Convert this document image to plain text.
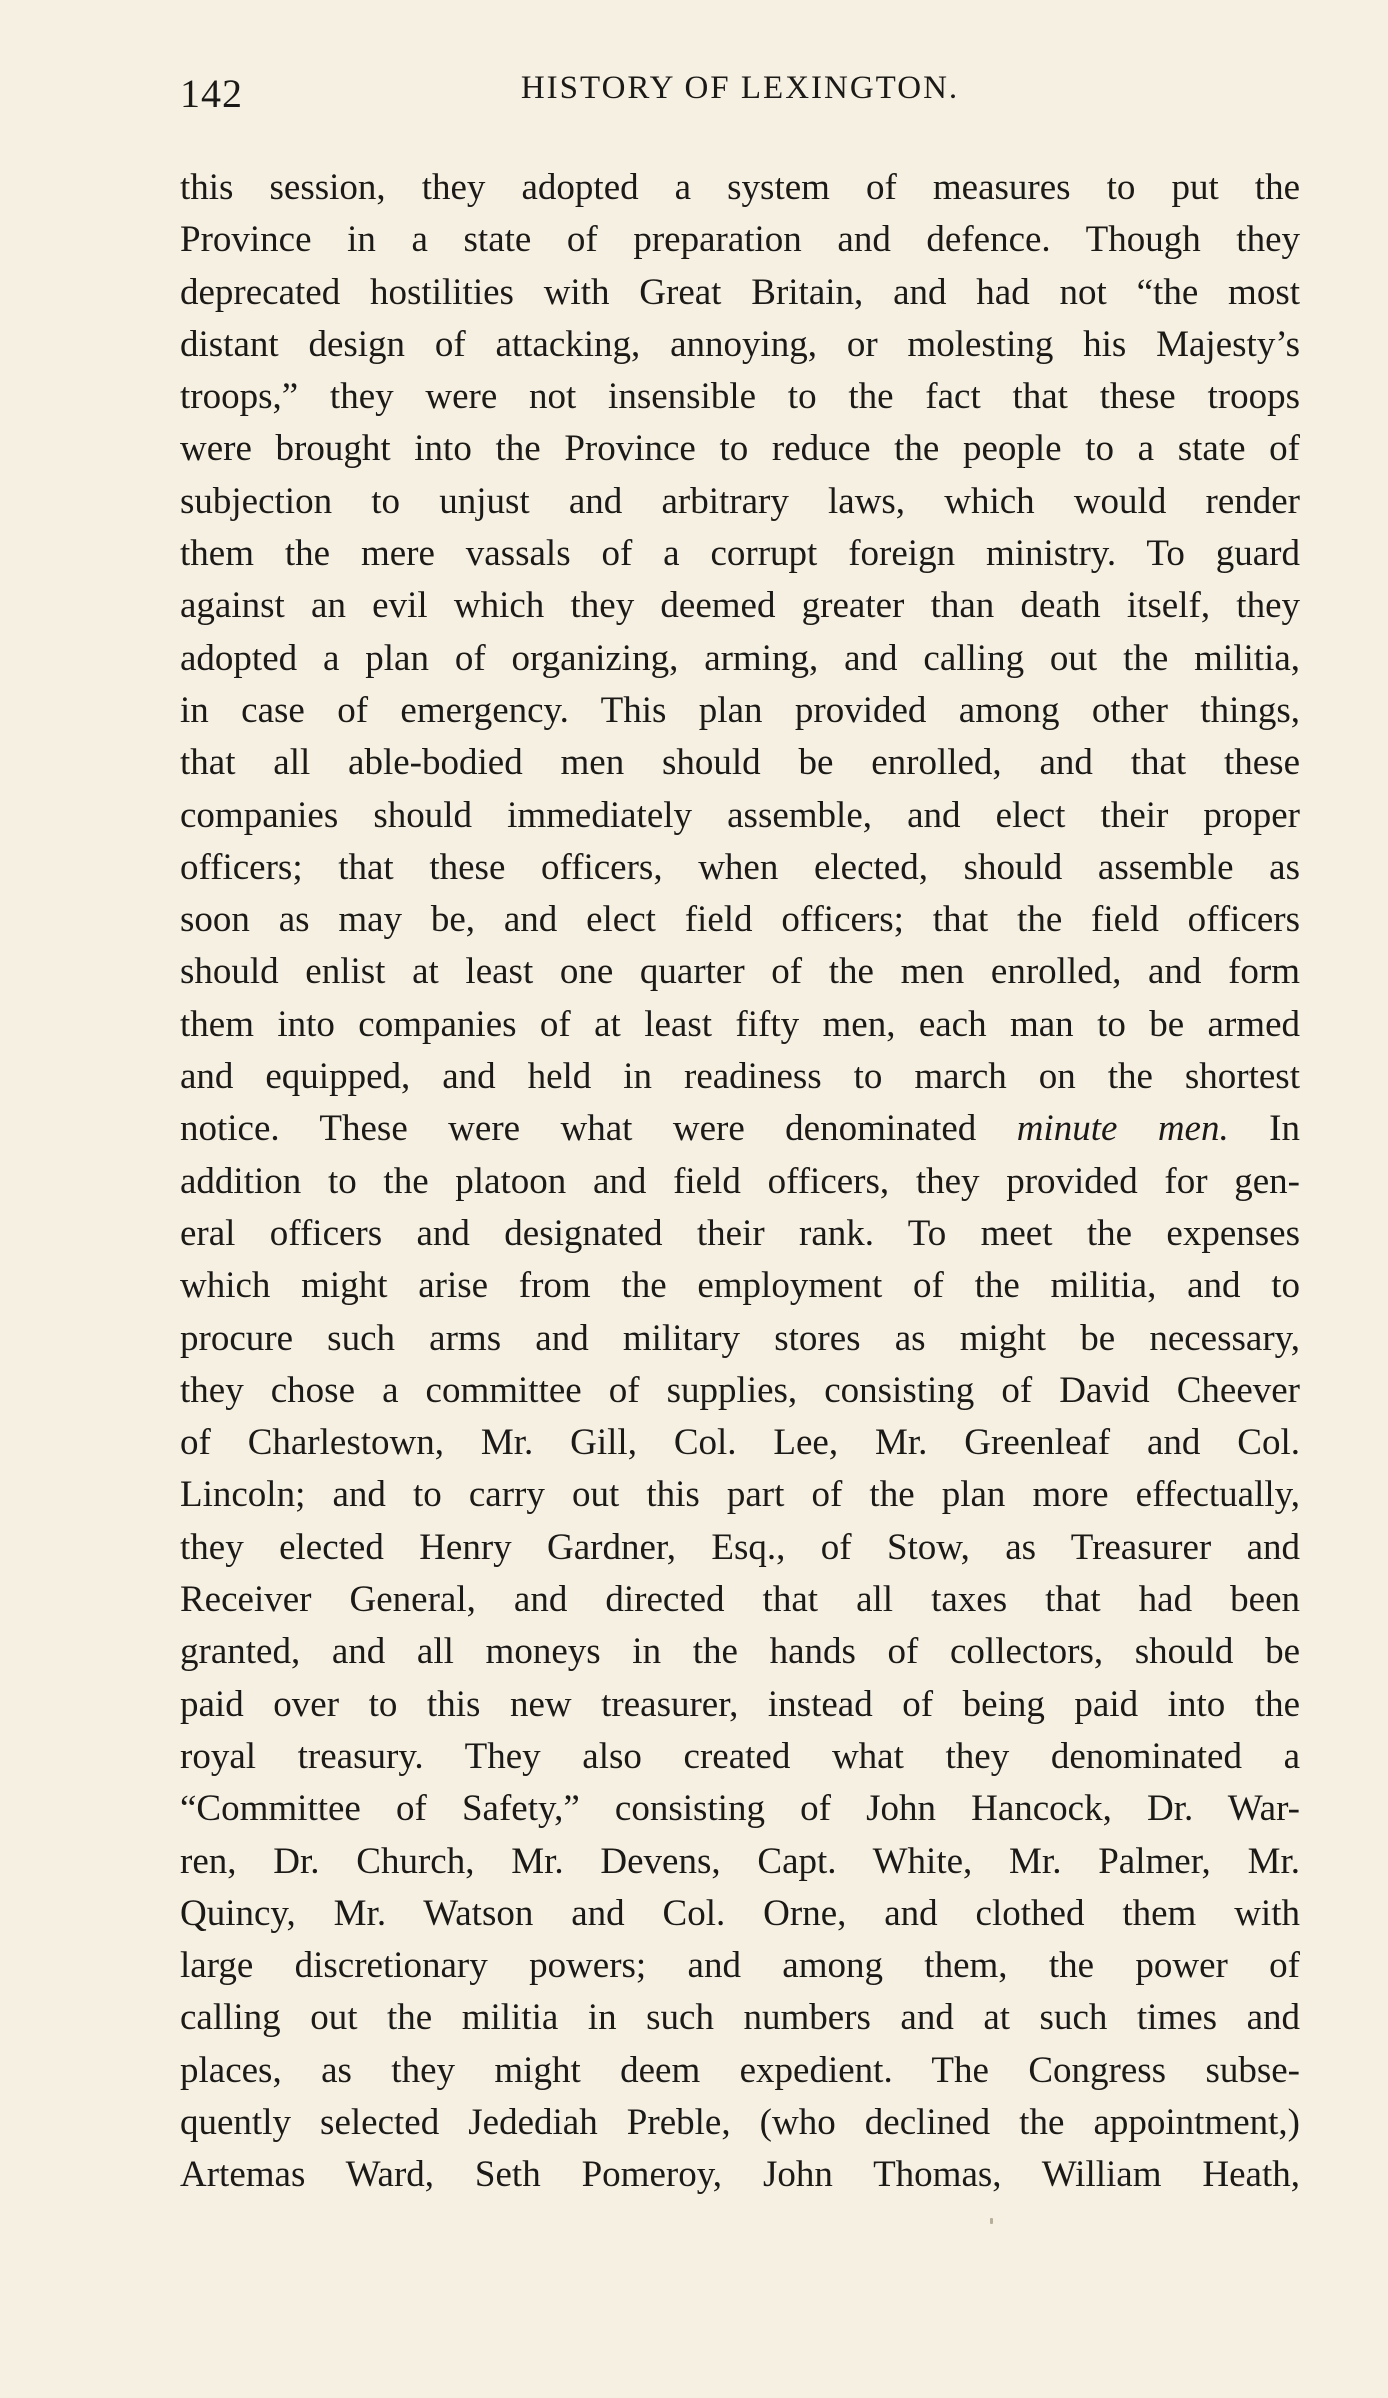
142	HISTORY OF LEXINGTON.
this session, they adopted a system of measures to put the
Province in a state of preparation and defence. Though they
deprecated hostilities with Great Britain, and had not “the most
distant design of attacking, annoying, or molesting his Majesty’s
troops,” they were not insensible to the fact that these troops
were brought into the Province to reduce the people to a state of
subjection to unjust and arbitrary laws, which would render
them the mere vassals of a corrupt foreign ministry. To guard
against an evil which they deemed greater than death itself, they
adopted a plan of organizing, arming, and calling out the militia,
in case of emergency. This plan provided among other things,
that all able-bodied men should be enrolled, and that these
companies should immediately assemble, and elect their proper
officers; that these officers, when elected, should assemble as
soon as may be, and elect field officers; that the field officers
should enlist at least one quarter of the men enrolled, and form
them into companies of at least fifty men, each man to be armed
and equipped, and held in readiness to march on the shortest
notice. These were what were denominated minute men. In
addition to the platoon and field officers, they provided for gen-
eral officers and designated their rank. To meet the expenses
which might arise from the employment of the militia, and to
procure such arms and military stores as might be necessary,
they chose a committee of supplies, consisting of David Cheever
of Charlestown, Mr. Gill, Col. Lee, Mr. Greenleaf and Col.
Lincoln; and to carry out this part of the plan more effectually,
they elected Henry Gardner, Esq., of Stow, as Treasurer and
Receiver General, and directed that all taxes that had been
granted, and all moneys in the hands of collectors, should be
paid over to this new treasurer, instead of being paid into the
royal treasury. They also created what they denominated a
“Committee of Safety,” consisting of John Hancock, Dr. War-
ren, Dr. Church, Mr. Devens, Capt. White, Mr. Palmer, Mr.
Quincy, Mr. Watson and Col. Orne, and clothed them with
large discretionary powers; and among them, the power of
calling out the militia in such numbers and at such times and
places, as they might deem expedient. The Congress subse-
quently selected Jedediah Preble, (who declined the appointment,)
Artemas Ward, Seth Pomeroy, John Thomas, William Heath,
